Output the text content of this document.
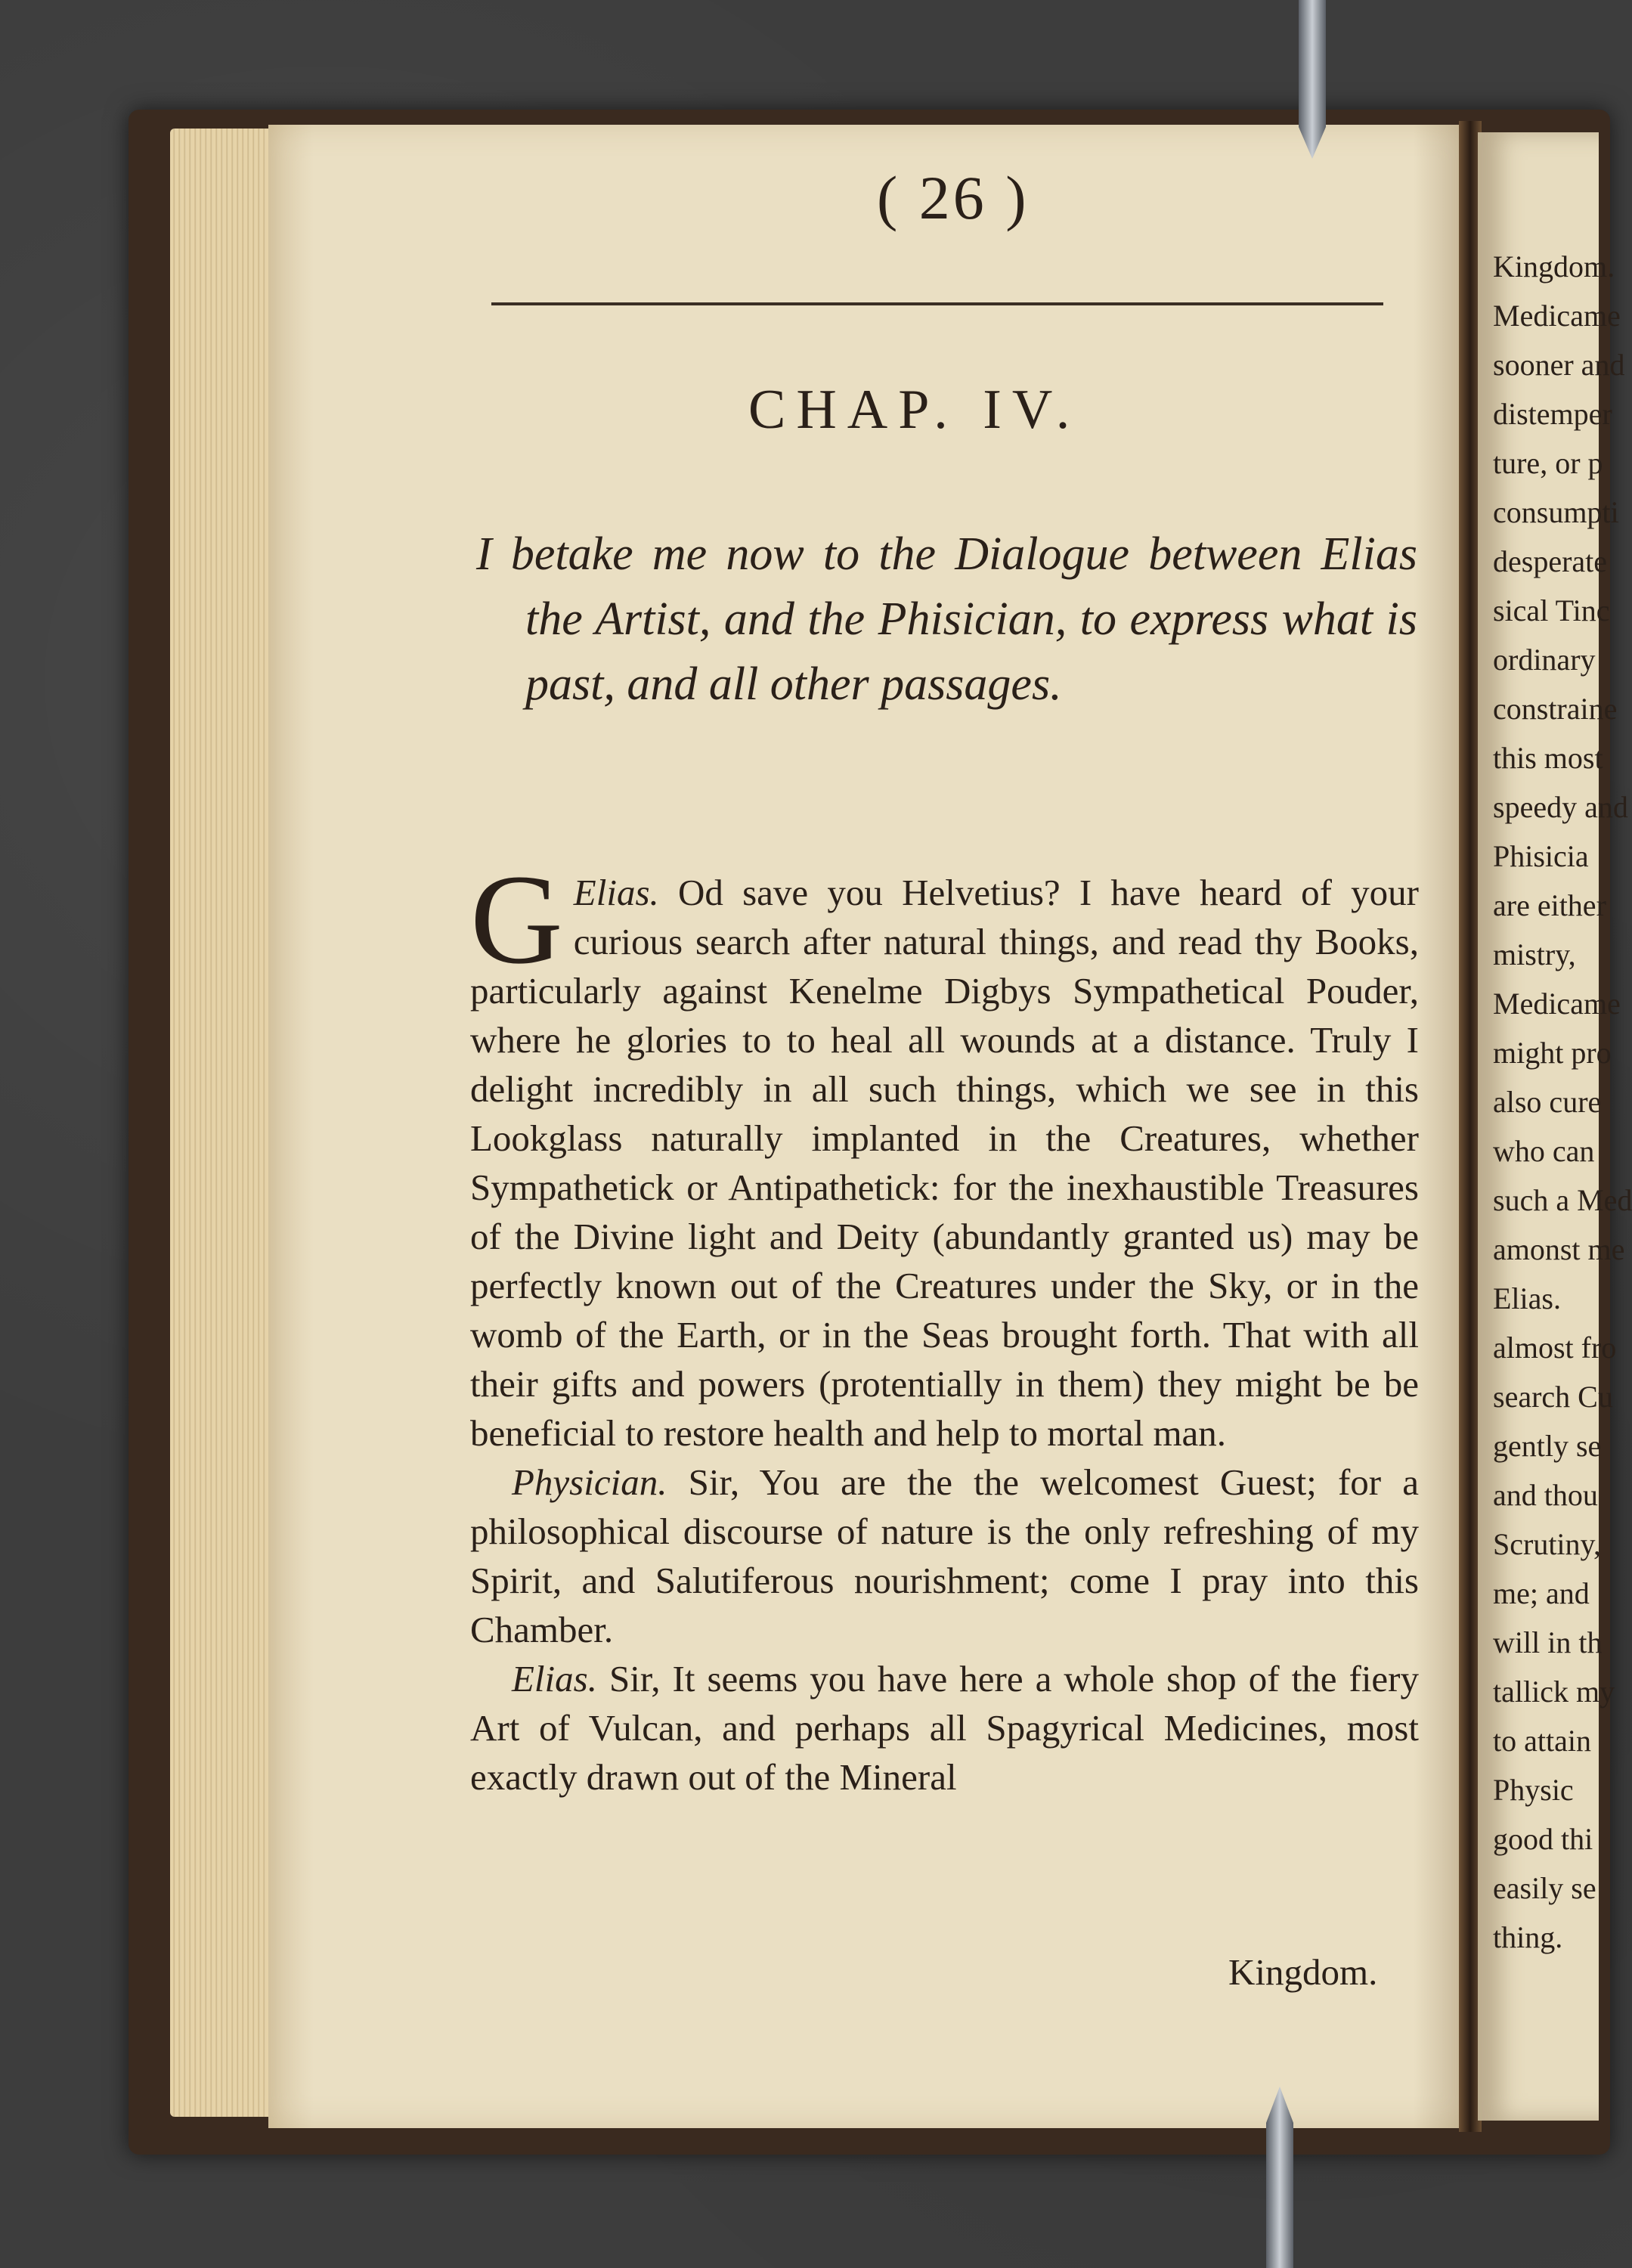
( 26 )
CHAP. IV.
I betake me now to the Dialogue between Elias the Artist, and the Phisician, to express what is past, and all other passages.

Elias.
G	Od save you Helvetius? I have heard of your curious search after natural things, and read thy Books, particularly against Kenelme Digbys Sympathetical Pouder, where he glories to to heal all wounds at a distance. Truly I delight incredibly in all such things, which we see in this Lookglass naturally implanted in the Creatures, whether Sympathetick or Antipathetick: for the inexhaustible Treasures of the Divine light and Deity (abundantly granted us) may be perfectly known out of the Creatures under the Sky, or in the womb of the Earth, or in the Seas brought forth. That with all their gifts and powers (protentially in them) they might be be beneficial to restore health and help to mortal man.

Physician. Sir, You are the the welcomest Guest; for a philosophical discourse of nature is the only refreshing of my Spirit, and Salutiferous nourishment; come I pray into this Chamber.

Elias. Sir, It seems you have here a whole shop of the fiery Art of Vulcan, and perhaps all Spagyrical Medicines, most exactly drawn out of the Mineral

Kingdom.
Kingdom.
Medicame
sooner and
distemper
ture, or p
consumpti
desperate
sical Tinc
ordinary
constraine
this most
speedy and
Phisicia
are either
mistry,
Medicame
might pro
also cure
who can
such a Med
amonst me
Elias.
almost fro
search Cu
gently se
and thou
Scrutiny,
me; and
will in th
tallick my
to attain
Physic
good thi
easily se
thing.
